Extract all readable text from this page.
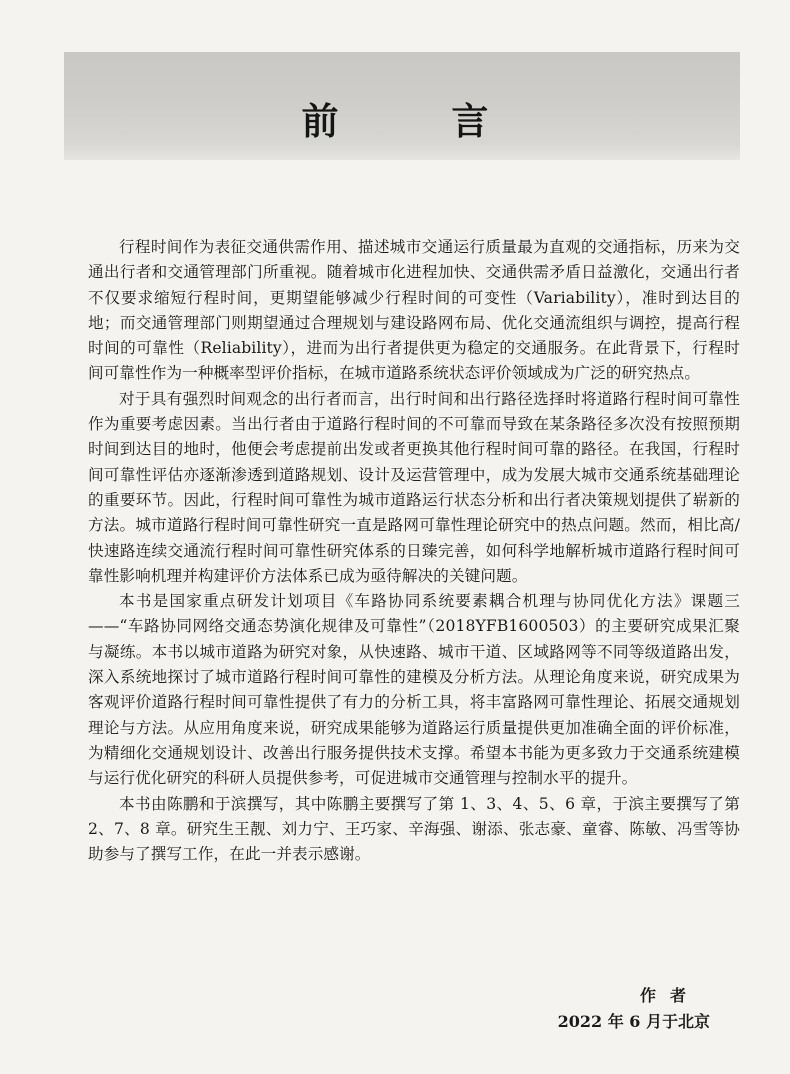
前 言

行程时间作为表征交通供需作用、描述城市交通运行质量最为直观的交通指标，历来为交通出行者和交通管理部门所重视。随着城市化进程加快、交通供需矛盾日益激化，交通出行者不仅要求缩短行程时间，更期望能够减少行程时间的可变性（Variability），准时到达目的地；而交通管理部门则期望通过合理规划与建设路网布局、优化交通流组织与调控，提高行程时间的可靠性（Reliability），进而为出行者提供更为稳定的交通服务。在此背景下，行程时间可靠性作为一种概率型评价指标，在城市道路系统状态评价领域成为广泛的研究热点。

对于具有强烈时间观念的出行者而言，出行时间和出行路径选择时将道路行程时间可靠性作为重要考虑因素。当出行者由于道路行程时间的不可靠而导致在某条路径多次没有按照预期时间到达目的地时，他便会考虑提前出发或者更换其他行程时间可靠的路径。在我国，行程时间可靠性评估亦逐渐渗透到道路规划、设计及运营管理中，成为发展大城市交通系统基础理论的重要环节。因此，行程时间可靠性为城市道路运行状态分析和出行者决策规划提供了崭新的方法。城市道路行程时间可靠性研究一直是路网可靠性理论研究中的热点问题。然而，相比高/快速路连续交通流行程时间可靠性研究体系的日臻完善，如何科学地解析城市道路行程时间可靠性影响机理并构建评价方法体系已成为亟待解决的关键问题。

本书是国家重点研发计划项目《车路协同系统要素耦合机理与协同优化方法》课题三——“车路协同网络交通态势演化规律及可靠性”（2018YFB1600503）的主要研究成果汇聚与凝练。本书以城市道路为研究对象，从快速路、城市干道、区域路网等不同等级道路出发，深入系统地探讨了城市道路行程时间可靠性的建模及分析方法。从理论角度来说，研究成果为客观评价道路行程时间可靠性提供了有力的分析工具，将丰富路网可靠性理论、拓展交通规划理论与方法。从应用角度来说，研究成果能够为道路运行质量提供更加准确全面的评价标准，为精细化交通规划设计、改善出行服务提供技术支撑。希望本书能为更多致力于交通系统建模与运行优化研究的科研人员提供参考，可促进城市交通管理与控制水平的提升。

本书由陈鹏和于滨撰写，其中陈鹏主要撰写了第 1、3、4、5、6 章，于滨主要撰写了第 2、7、8 章。研究生王靓、刘力宁、王巧家、辛海强、谢添、张志豪、童睿、陈敏、冯雪等协助参与了撰写工作，在此一并表示感谢。

作者
2022 年 6 月于北京
